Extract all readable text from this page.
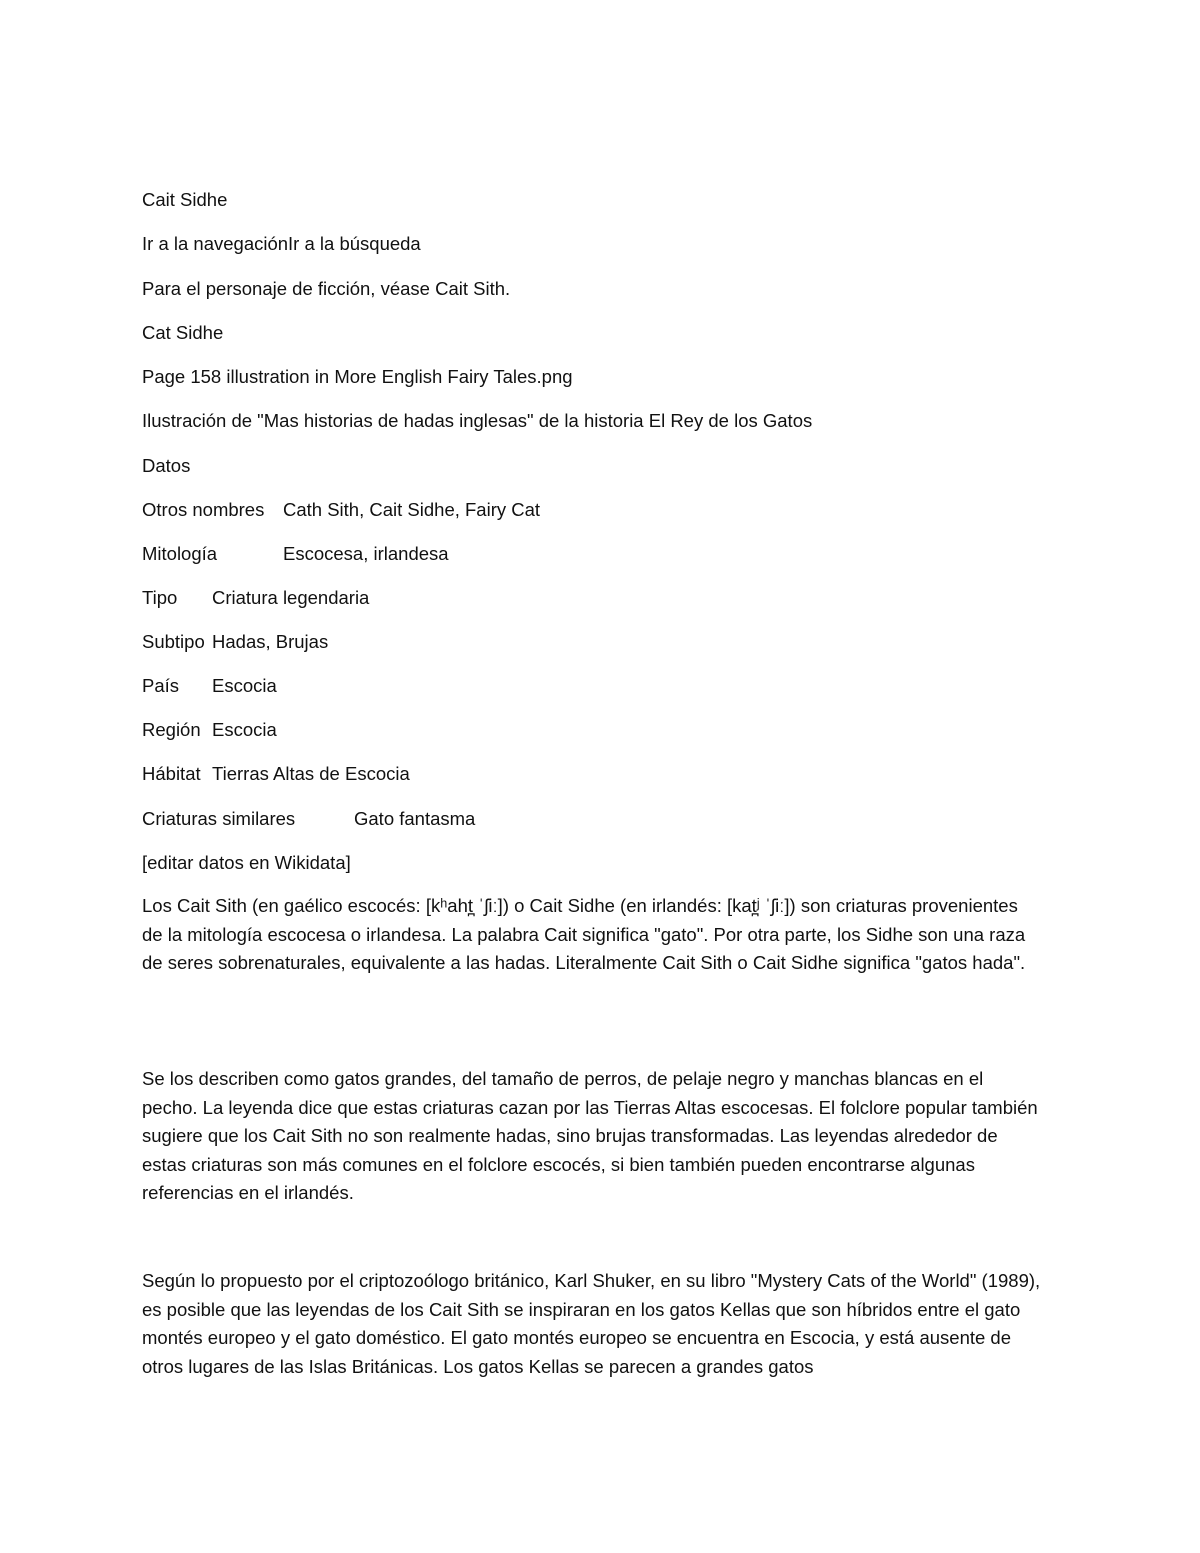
Cait Sidhe
Ir a la navegaciónIr a la búsqueda
Para el personaje de ficción, véase Cait Sith.
Cat Sidhe
Page 158 illustration in More English Fairy Tales.png
Ilustración de "Mas historias de hadas inglesas" de la historia El Rey de los Gatos
Datos
Otros nombres Cath Sith, Cait Sidhe, Fairy Cat
Mitología	Escocesa, irlandesa
Tipo Criatura legendaria
Subtipo Hadas, Brujas
País Escocia
Región Escocia
Hábitat Tierras Altas de Escocia
Criaturas similares	Gato fantasma
[editar datos en Wikidata]
Los Cait Sith (en gaélico escocés: [kʰaht̪ ˈʃiː]) o Cait Sidhe (en irlandés: [kat̪ʲ ˈʃiː]) son criaturas provenientes de la mitología escocesa o irlandesa. La palabra Cait significa "gato". Por otra parte, los Sidhe son una raza de seres sobrenaturales, equivalente a las hadas. Literalmente Cait Sith o Cait Sidhe significa "gatos hada".
Se los describen como gatos grandes, del tamaño de perros, de pelaje negro y manchas blancas en el pecho. La leyenda dice que estas criaturas cazan por las Tierras Altas escocesas. El folclore popular también sugiere que los Cait Sith no son realmente hadas, sino brujas transformadas. Las leyendas alrededor de estas criaturas son más comunes en el folclore escocés, si bien también pueden encontrarse algunas referencias en el irlandés.
Según lo propuesto por el criptozoólogo británico, Karl Shuker, en su libro "Mystery Cats of the World" (1989), es posible que las leyendas de los Cait Sith se inspiraran en los gatos Kellas que son híbridos entre el gato montés europeo y el gato doméstico. El gato montés europeo se encuentra en Escocia, y está ausente de otros lugares de las Islas Británicas. Los gatos Kellas se parecen a grandes gatos
